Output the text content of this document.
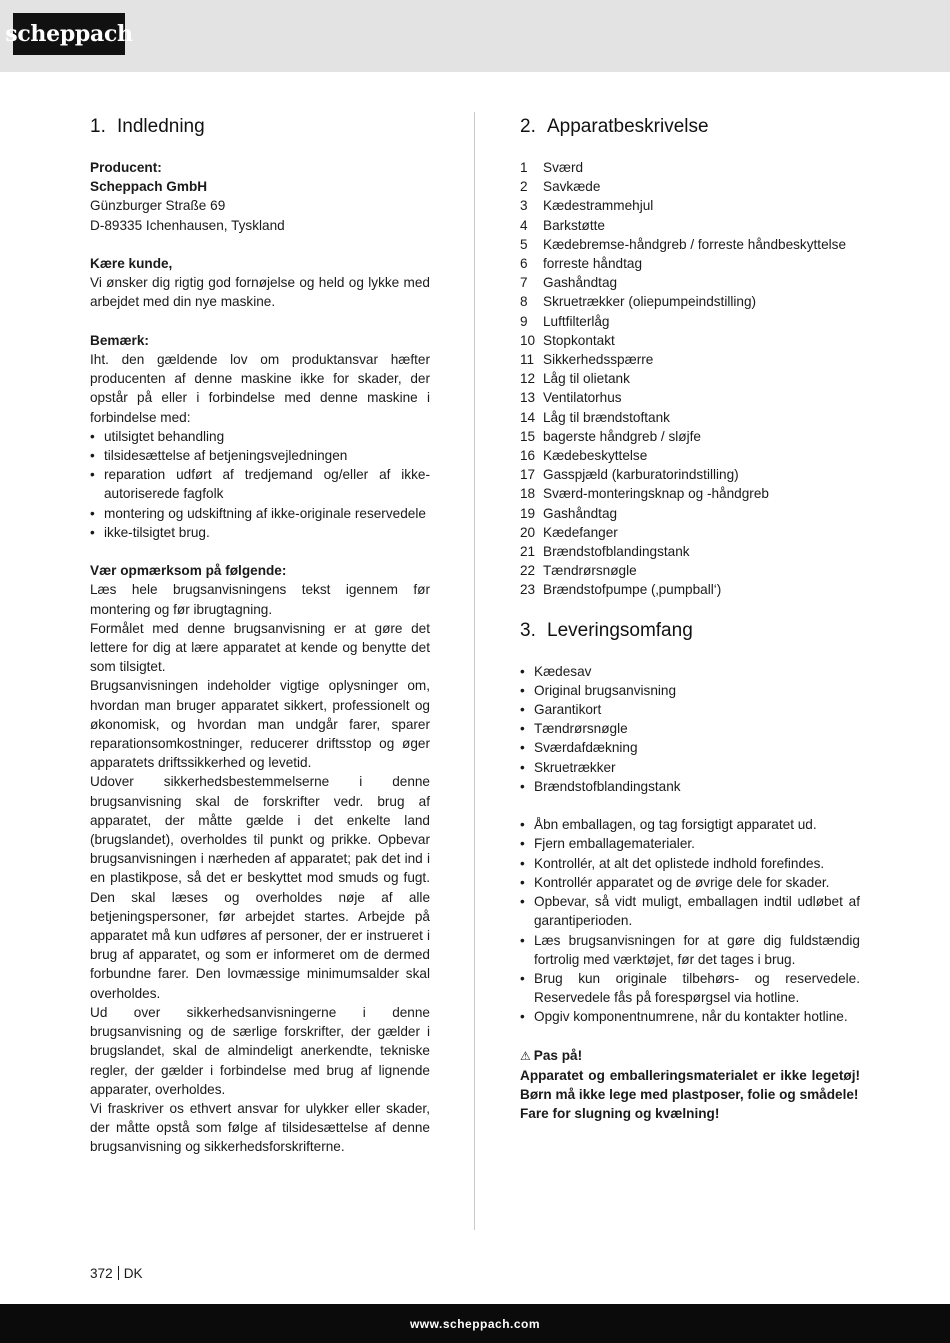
scheppach
1. Indledning

Producent:

Scheppach GmbH

Günzburger Straße 69

D-89335 Ichenhausen, Tyskland

Kære kunde,

Vi ønsker dig rigtig god fornøjelse og held og lykke med arbejdet med din nye maskine.

Bemærk:

Iht. den gældende lov om produktansvar hæfter producenten af denne maskine ikke for skader, der opstår på eller i forbindelse med denne maskine i forbindelse med:

• utilsigtet behandling
• tilsidesættelse af betjeningsvejledningen
• reparation udført af tredjemand og/eller af ikke-autoriserede fagfolk
• montering og udskiftning af ikke-originale reservedele
• ikke-tilsigtet brug.

Vær opmærksom på følgende:

Læs hele brugsanvisningens tekst igennem før montering og før ibrugtagning.

Formålet med denne brugsanvisning er at gøre det lettere for dig at lære apparatet at kende og benytte det som tilsigtet.

Brugsanvisningen indeholder vigtige oplysninger om, hvordan man bruger apparatet sikkert, professionelt og økonomisk, og hvordan man undgår farer, sparer reparationsomkostninger, reducerer driftsstop og øger apparatets driftssikkerhed og levetid.

Udover sikkerhedsbestemmelserne i denne brugsanvisning skal de forskrifter vedr. brug af apparatet, der måtte gælde i det enkelte land (brugslandet), overholdes til punkt og prikke. Opbevar brugsanvisningen i nærheden af apparatet; pak det ind i en plastikpose, så det er beskyttet mod smuds og fugt. Den skal læses og overholdes nøje af alle betjeningspersoner, før arbejdet startes. Arbejde på apparatet må kun udføres af personer, der er instrueret i brug af apparatet, og som er informeret om de dermed forbundne farer. Den lovmæssige minimumsalder skal overholdes.

Ud over sikkerhedsanvisningerne i denne brugsanvisning og de særlige forskrifter, der gælder i brugslandet, skal de almindeligt anerkendte, tekniske regler, der gælder i forbindelse med brug af lignende apparater, overholdes.

Vi fraskriver os ethvert ansvar for ulykker eller skader, der måtte opstå som følge af tilsidesættelse af denne brugsanvisning og sikkerhedsforskrifterne.

2. Apparatbeskrivelse
1	Sværd
2	Savkæde
3	Kædestrammehjul
4	Barkstøtte
5	Kædebremse-håndgreb / forreste håndbeskyttelse
6	forreste håndtag
7	Gashåndtag
8	Skruetrækker (oliepumpeindstilling)
9	Luftfilterlåg
10 Stopkontakt
11 Sikkerhedsspærre
12 Låg til olietank
13 Ventilatorhus
14 Låg til brændstoftank
15 bagerste håndgreb / sløjfe
16 Kædebeskyttelse
17 Gasspjæld (karburatorindstilling)
18 Sværd-monteringsknap og -håndgreb
19 Gashåndtag
20 Kædefanger
21 Brændstofblandingstank
22 Tændrørsnøgle
23 Brændstofpumpe (‚pumpball‘)
3. Leveringsomfang
• Kædesav
• Original brugsanvisning
• Garantikort
• Tændrørsnøgle
• Sværdafdækning
• Skruetrækker
• Brændstofblandingstank
• Åbn emballagen, og tag forsigtigt apparatet ud.
• Fjern emballagematerialer.
• Kontrollér, at alt det oplistede indhold forefindes.
• Kontrollér apparatet og de øvrige dele for skader.
• Opbevar, så vidt muligt, emballagen indtil udløbet af garantiperioden.
• Læs brugsanvisningen for at gøre dig fuldstændig fortrolig med værktøjet, før det tages i brug.
• Brug kun originale tilbehørs- og reservedele. Reservedele fås på forespørgsel via hotline.
• Opgiv komponentnumrene, når du kontakter hotline.

⚠ Pas på!

Apparatet og emballeringsmaterialet er ikke legetøj! Børn må ikke lege med plastposer, folie og smådele!

Fare for slugning og kvælning!

372 DK
www.scheppach.com
